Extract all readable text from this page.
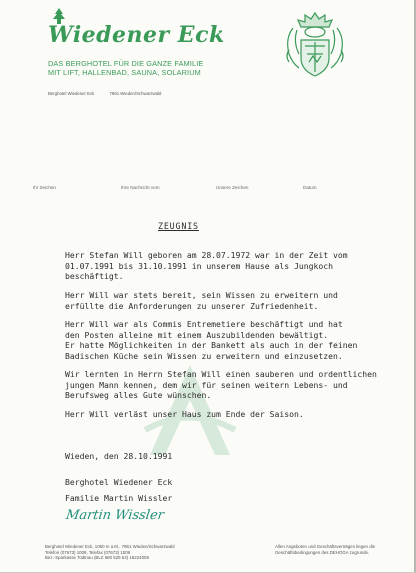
Wiedener Eck
DAS BERGHOTEL FÜR DIE GANZE FAMILIE
MIT LIFT, HALLENBAD, SAUNA, SOLARIUM
Berghotel Wiedener Eck	7861 Wieden/Schwarzwald
Ihr Zeichen	Ihre Nachricht vom	Unsere Zeichen	Datum
ZEUGNIS
Herr Stefan Will geboren am 28.07.1972 war in der Zeit vom
01.07.1991 bis 31.10.1991 in unserem Hause als Jungkoch
beschäftigt.
Herr Will war stets bereit, sein Wissen zu erweitern und
erfüllte die Anforderungen zu unserer Zufriedenheit.
Herr Will war als Commis Entremetiere beschäftigt und hat
den Posten alleine mit einem Auszubildenden bewältigt.
Er hatte Möglichkeiten in der Bankett als auch in der feinen
Badischen Küche sein Wissen zu erweitern und einzusetzen.
Wir lernten in Herrn Stefan Will einen sauberen und ordentlichen
jungen Mann kennen, dem wir für seinen weitern Lebens- und
Berufsweg alles Gute wünschen.
Herr Will verläst unser Haus zum Ende der Saison.
Wieden, den 28.10.1991
Berghotel Wiedener Eck
Familie Martin Wissler
Martin Wissler
Berghotel Wiedener Eck, 1060 m ü.M., 7861 Wieden/Schwarzwald
Telefon (07673) 1009, Telefax (07673) 1009
Bez.-Sparkasse Todtnau (BLZ 680 529 63) 18224008
Allen Angeboten und Geschäftsverträgen liegen die
Geschäftsbedingungen des DEHOGA zugrunde.
